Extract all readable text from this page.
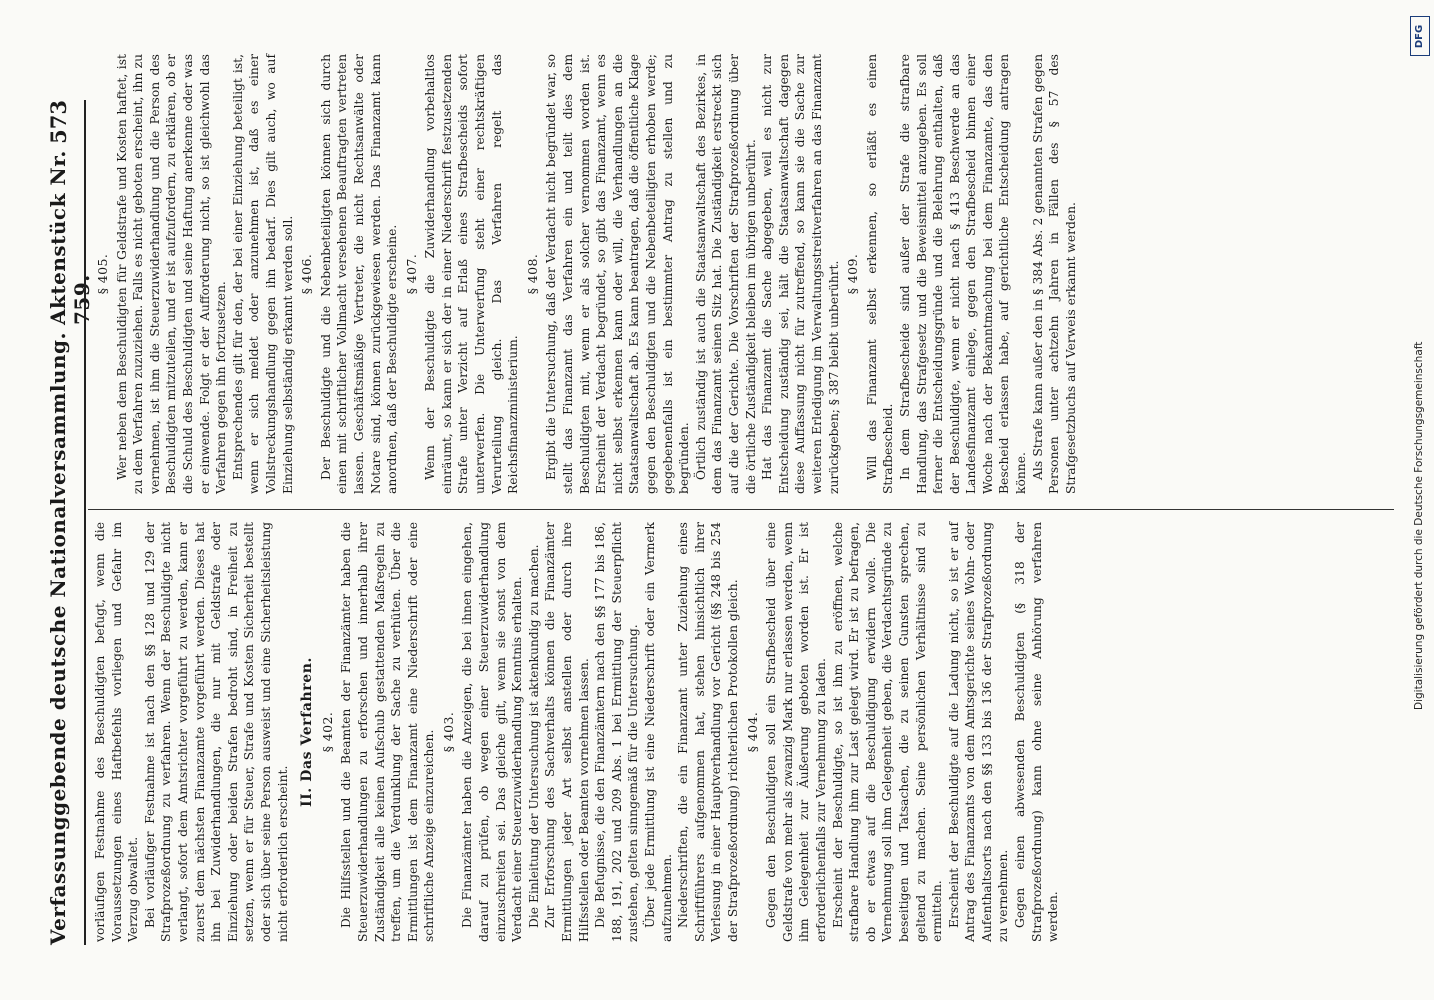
Verfassunggebende deutsche Nationalversammlung.
Aktenstück Nr. 759.
573

vorläufigen Festnahme des Beschuldigten befugt, wenn die Voraussetzungen eines Haftbefehls vorliegen und Gefahr im Verzug obwaltet. Bei vorläufiger Festnahme ist nach den §§ 128 und 129 der Strafprozeßordnung zu verfahren. Wenn der Beschuldigte nicht verlangt, sofort dem Amtsrichter vorgeführt zu werden, kann er zuerst dem nächsten Finanzamte vorgeführt werden. Dieses hat ihn bei Zuwiderhandlungen, die nur mit Geldstrafe oder Einziehung oder beiden Strafen bedroht sind, in Freiheit zu setzen, wenn er für Steuer, Strafe und Kosten Sicherheit bestellt oder sich über seine Person ausweist und eine Sicherheitsleistung nicht erforderlich erscheint.

II. Das Verfahren. § 402. Die Hilfsstellen und die Beamten der Finanzämter haben die Steuerzuwiderhandlungen zu erforschen und innerhalb ihrer Zuständigkeit alle keinen Aufschub gestattenden Maßregeln zu treffen, um die Verdunklung der Sache zu verhüten. Über die Ermittlungen ist dem Finanzamt eine Niederschrift oder eine schriftliche Anzeige einzureichen. § 403. Die Finanzämter haben die Anzeigen, die bei ihnen eingehen, darauf zu prüfen, ob wegen einer Steuerzuwiderhandlung einzuschreiten sei. Das gleiche gilt, wenn sie sonst von dem Verdacht einer Steuerzuwiderhandlung Kenntnis erhalten. Die Einleitung der Untersuchung ist aktenkundig zu machen. Zur Erforschung des Sachverhalts können die Finanzämter Ermittlungen jeder Art selbst anstellen oder durch ihre Hilfsstellen oder Beamten vornehmen lassen. Die Befugnisse, die den Finanzämtern nach den §§ 177 bis 186, 188, 191, 202 und 209 Abs. 1 bei Ermittlung der Steuerpflicht zustehen, gelten sinngemäß für die Untersuchung. Über jede Ermittlung ist eine Niederschrift oder ein Vermerk aufzunehmen. Niederschriften, die ein Finanzamt unter Zuziehung eines Schriftführers aufgenommen hat, stehen hinsichtlich ihrer Verlesung in einer Hauptverhandlung vor Gericht (§§ 248 bis 254 der Strafprozeßordnung) richterlichen Protokollen gleich. § 404. Gegen den Beschuldigten soll ein Strafbescheid über eine Geldstrafe von mehr als zwanzig Mark nur erlassen werden, wenn ihm Gelegenheit zur Äußerung geboten worden ist. Er ist erforderlichenfalls zur Vernehmung zu laden. Erscheint der Beschuldigte, so ist ihm zu eröffnen, welche strafbare Handlung ihm zur Last gelegt wird. Er ist zu befragen, ob er etwas auf die Beschuldigung erwidern wolle. Die Vernehmung soll ihm Gelegenheit geben, die Verdachtsgründe zu beseitigen und Tatsachen, die zu seinen Gunsten sprechen, geltend zu machen. Seine persönlichen Verhältnisse sind zu ermitteln. Erscheint der Beschuldigte auf die Ladung nicht, so ist er auf Antrag des Finanzamts von dem Amtsgerichte seines Wohn- oder Aufenthaltsorts nach den §§ 133 bis 136 der Strafprozeßordnung zu vernehmen. Gegen einen abwesenden Beschuldigten (§ 318 der Strafprozeßordnung) kann ohne seine Anhörung verfahren werden.

§ 405. Wer neben dem Beschuldigten für Geldstrafe und Kosten haftet, ist zu dem Verfahren zuzuziehen. Falls es nicht geboten erscheint, ihn zu vernehmen, ist ihm die Steuerzuwiderhandlung und die Person des Beschuldigten mitzuteilen, und er ist aufzufordern, zu erklären, ob er die Schuld des Beschuldigten und seine Haftung anerkenne oder was er einwende. Folgt er der Aufforderung nicht, so ist gleichwohl das Verfahren gegen ihn fortzusetzen. Entsprechendes gilt für den, der bei einer Einziehung beteiligt ist, wenn er sich meldet oder anzunehmen ist, daß es einer Vollstreckungshandlung gegen ihn bedarf. Dies gilt auch, wo auf Einziehung selbständig erkannt werden soll. § 406. Der Beschuldigte und die Nebenbeteiligten können sich durch einen mit schriftlicher Vollmacht versehenen Beauftragten vertreten lassen. Geschäftsmäßige Vertreter, die nicht Rechtsanwälte oder Notare sind, können zurückgewiesen werden. Das Finanzamt kann anordnen, daß der Beschuldigte erscheine. § 407. Wenn der Beschuldigte die Zuwiderhandlung vorbehaltlos einräumt, so kann er sich der in einer Niederschrift festzusetzenden Strafe unter Verzicht auf Erlaß eines Strafbescheids sofort unterwerfen. Die Unterwerfung steht einer rechtskräftigen Verurteilung gleich. Das Verfahren regelt das Reichsfinanzministerium.

§ 408. Ergibt die Untersuchung, daß der Verdacht nicht begründet war, so stellt das Finanzamt das Verfahren ein und teilt dies dem Beschuldigten mit, wenn er als solcher vernommen worden ist. Erscheint der Verdacht begründet, so gibt das Finanzamt, wenn es nicht selbst erkennen kann oder will, die Verhandlungen an die Staatsanwaltschaft ab. Es kann beantragen, daß die öffentliche Klage gegen den Beschuldigten und die Nebenbeteiligten erhoben werde; gegebenenfalls ist ein bestimmter Antrag zu stellen und zu begründen. Örtlich zuständig ist auch die Staatsanwaltschaft des Bezirkes, in dem das Finanzamt seinen Sitz hat. Die Zuständigkeit erstreckt sich auf die der Gerichte. Die Vorschriften der Strafprozeßordnung über die örtliche Zuständigkeit bleiben im übrigen unberührt. Hat das Finanzamt die Sache abgegeben, weil es nicht zur Entscheidung zuständig sei, hält die Staatsanwaltschaft dagegen diese Auffassung nicht für zutreffend, so kann sie die Sache zur weiteren Erledigung im Verwaltungsstreitverfahren an das Finanzamt zurückgeben; § 387 bleibt unberührt. § 409. Will das Finanzamt selbst erkennen, so erläßt es einen Strafbescheid. In dem Strafbescheide sind außer der Strafe die strafbare Handlung, das Strafgesetz und die Beweismittel anzugeben. Es soll ferner die Entscheidungsgründe und die Belehrung enthalten, daß der Beschuldigte, wenn er nicht nach § 413 Beschwerde an das Landesfinanzamt einlege, gegen den Strafbescheid binnen einer Woche nach der Bekanntmachung bei dem Finanzamte, das den Bescheid erlassen habe, auf gerichtliche Entscheidung antragen könne. Als Strafe kann außer den in § 384 Abs. 2 genannten Strafen gegen Personen unter achtzehn Jahren in Fällen des § 57 des Strafgesetzbuchs auf Verweis erkannt werden.

DFG
Digitalisierung gefördert durch die Deutsche Forschungsgemeinschaft
